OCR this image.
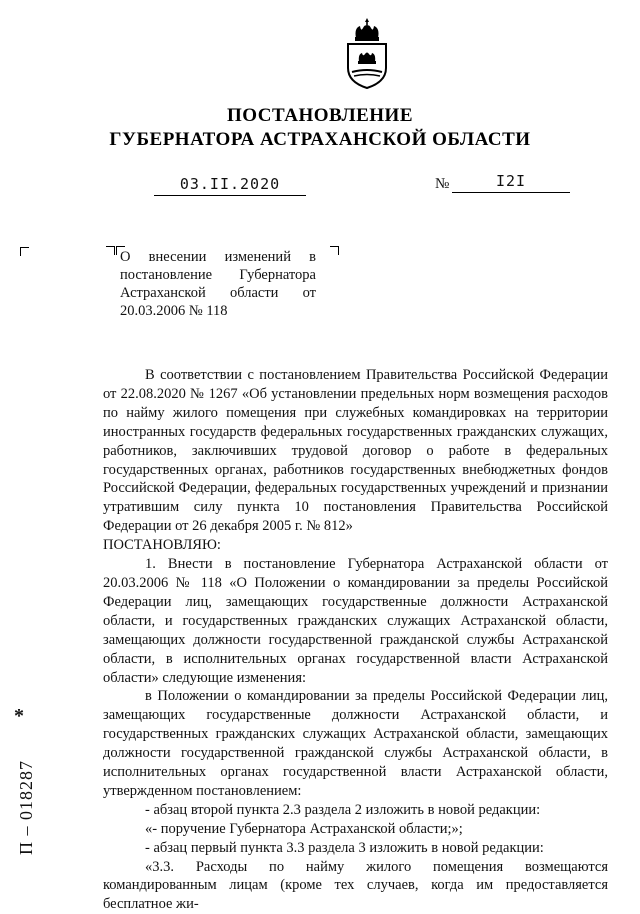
ПОСТАНОВЛЕНИЕ
ГУБЕРНАТОРА АСТРАХАНСКОЙ ОБЛАСТИ
03.II.2020	№	I2I
О внесении изменений в постановление Губернатора Астраханской области от 20.03.2006 № 118

В соответствии с постановлением Правительства Российской Федерации от 22.08.2020 № 1267 «Об установлении предельных норм возмещения расходов по найму жилого помещения при служебных командировках на территории иностранных государств федеральных государственных гражданских служащих, работников, заключивших трудовой договор о работе в федеральных государственных органах, работников государственных внебюджетных фондов Российской Федерации, федеральных государственных учреждений и признании утратившим силу пункта 10 постановления Правительства Российской Федерации от 26 декабря 2005 г. № 812»

ПОСТАНОВЛЯЮ:

1. Внести в постановление Губернатора Астраханской области от 20.03.2006 № 118 «О Положении о командировании за пределы Российской Федерации лиц, замещающих государственные должности Астраханской области, и государственных гражданских служащих Астраханской области, замещающих должности государственной гражданской службы Астраханской области, в исполнительных органах государственной власти Астраханской области» следующие изменения:

в Положении о командировании за пределы Российской Федерации лиц, замещающих государственные должности Астраханской области, и государственных гражданских служащих Астраханской области, замещающих должности государственной гражданской службы Астраханской области, в исполнительных органах государственной власти Астраханской области, утвержденном постановлением:

- абзац второй пункта 2.3 раздела 2 изложить в новой редакции:

«- поручение Губернатора Астраханской области;»;

- абзац первый пункта 3.3 раздела 3 изложить в новой редакции:

«3.3. Расходы по найму жилого помещения возмещаются командированным лицам (кроме тех случаев, когда им предоставляется бесплатное жи-

*
П – 018287
